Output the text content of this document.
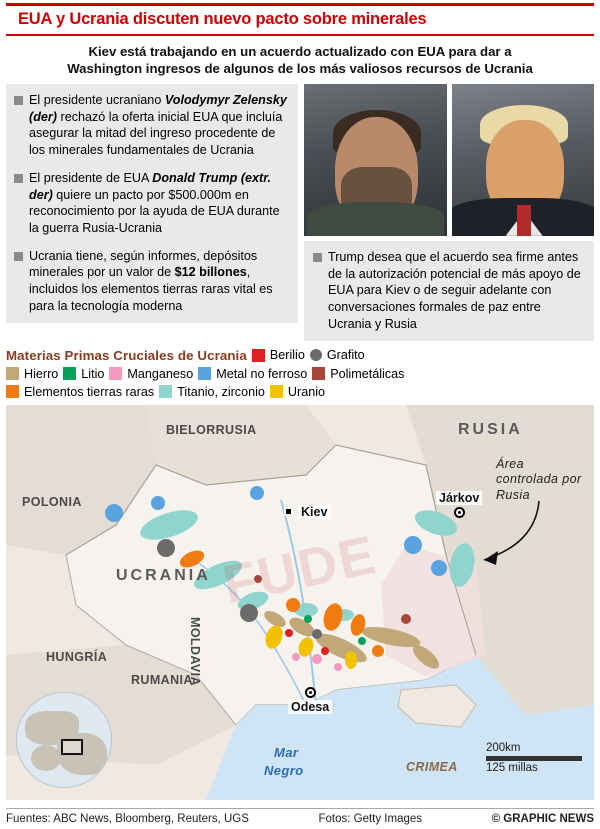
EUA y Ucrania discuten nuevo pacto sobre minerales
Kiev está trabajando en un acuerdo actualizado con EUA para dar a
Washington ingresos de algunos de los más valiosos recursos de Ucrania
El presidente ucraniano Volodymyr Zelensky (der) rechazó la oferta inicial EUA que incluía asegurar la mitad del ingreso procedente de los minerales fundamentales de Ucrania
El presidente de EUA Donald Trump (extr. der) quiere un pacto por $500.000m en reconocimiento por la ayuda de EUA durante la guerra Rusia-Ucrania
Ucrania tiene, según informes, depósitos minerales por un valor de $12 billones, incluidos los elementos tierras raras vital es para la tecnología moderna
Trump desea que el acuerdo sea firme antes de la autorización potencial de más apoyo de EUA para Kiev o de seguir adelante con conversaciones formales de paz entre Ucrania y Rusia
Materias Primas Cruciales de Ucrania Berilio Grafito
Hierro Litio Manganeso Metal no ferroso Polimetálicas
Elementos tierras raras Titanio, zirconio Uranio
BIELORRUSIA	RUSIA
POLONIA
UCRANIA
MOLDAVIA
HUNGRÍA
RUMANIA
Mar
Negro	CRIMEA
Área controlada por Rusia
Kiev
Járkov
Odesa
200km
125 millas
Fuentes: ABC News, Bloomberg, Reuters, UGS	Fotos: Getty Images	© GRAPHIC NEWS
